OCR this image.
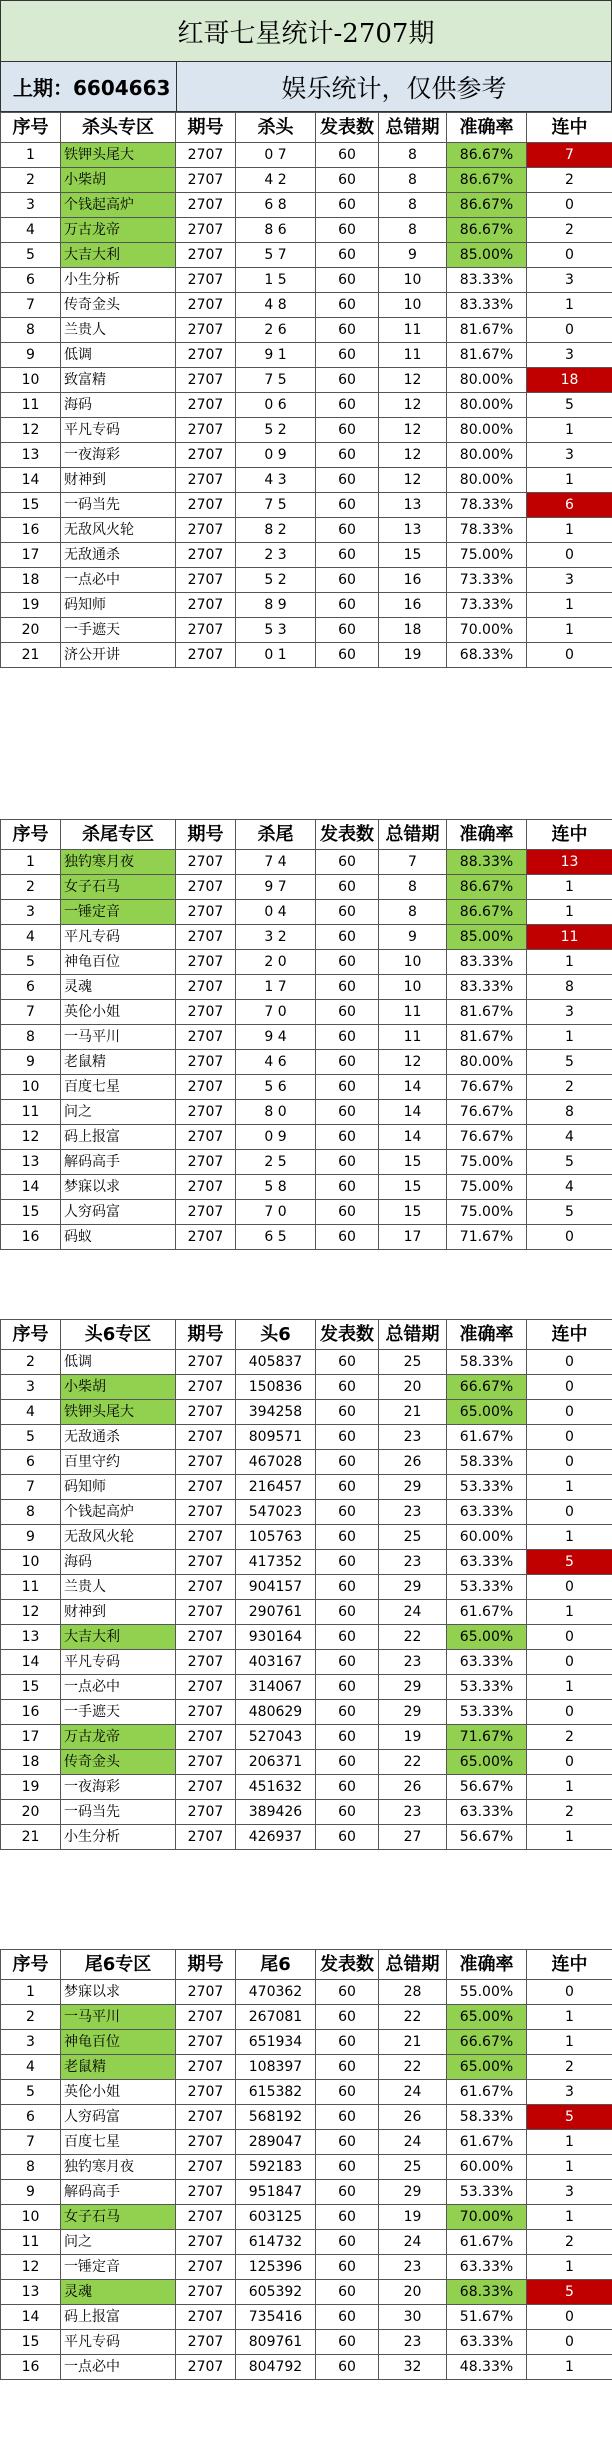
红哥七星统计-2707期
上期：6604663	娱乐统计，仅供参考
序号	杀头专区	期号	杀头	发表数	总错期	准确率	连中
1	铁钾头尾大	2707	0 7	60	8	86.67%	7
2	小柴胡	2707	4 2	60	8	86.67%	2
3	个钱起高炉	2707	6 8	60	8	86.67%	0
4	万古龙帝	2707	8 6	60	8	86.67%	2
5	大吉大利	2707	5 7	60	9	85.00%	0
6	小生分析	2707	1 5	60	10	83.33%	3
7	传奇金头	2707	4 8	60	10	83.33%	1
8	兰贵人	2707	2 6	60	11	81.67%	0
9	低调	2707	9 1	60	11	81.67%	3
10	致富精	2707	7 5	60	12	80.00%	18
11	海码	2707	0 6	60	12	80.00%	5
12	平凡专码	2707	5 2	60	12	80.00%	1
13	一夜海彩	2707	0 9	60	12	80.00%	3
14	财神到	2707	4 3	60	12	80.00%	1
15	一码当先	2707	7 5	60	13	78.33%	6
16	无敌风火轮	2707	8 2	60	13	78.33%	1
17	无敌通杀	2707	2 3	60	15	75.00%	0
18	一点必中	2707	5 2	60	16	73.33%	3
19	码知师	2707	8 9	60	16	73.33%	1
20	一手遮天	2707	5 3	60	18	70.00%	1
21	济公开讲	2707	0 1	60	19	68.33%	0
序号	杀尾专区	期号	杀尾	发表数	总错期	准确率	连中
1	独钓寒月夜	2707	7 4	60	7	88.33%	13
2	女子石马	2707	9 7	60	8	86.67%	1
3	一锤定音	2707	0 4	60	8	86.67%	1
4	平凡专码	2707	3 2	60	9	85.00%	11
5	神龟百位	2707	2 0	60	10	83.33%	1
6	灵魂	2707	1 7	60	10	83.33%	8
7	英伦小姐	2707	7 0	60	11	81.67%	3
8	一马平川	2707	9 4	60	11	81.67%	1
9	老鼠精	2707	4 6	60	12	80.00%	5
10	百度七星	2707	5 6	60	14	76.67%	2
11	问之	2707	8 0	60	14	76.67%	8
12	码上报富	2707	0 9	60	14	76.67%	4
13	解码高手	2707	2 5	60	15	75.00%	5
14	梦寐以求	2707	5 8	60	15	75.00%	4
15	人穷码富	2707	7 0	60	15	75.00%	5
16	码蚁	2707	6 5	60	17	71.67%	0
序号	头6专区	期号	头6	发表数	总错期	准确率	连中
2	低调	2707	405837	60	25	58.33%	0
3	小柴胡	2707	150836	60	20	66.67%	0
4	铁钾头尾大	2707	394258	60	21	65.00%	0
5	无敌通杀	2707	809571	60	23	61.67%	0
6	百里守约	2707	467028	60	26	58.33%	0
7	码知师	2707	216457	60	29	53.33%	1
8	个钱起高炉	2707	547023	60	23	63.33%	0
9	无敌风火轮	2707	105763	60	25	60.00%	1
10	海码	2707	417352	60	23	63.33%	5
11	兰贵人	2707	904157	60	29	53.33%	0
12	财神到	2707	290761	60	24	61.67%	1
13	大吉大利	2707	930164	60	22	65.00%	0
14	平凡专码	2707	403167	60	23	63.33%	0
15	一点必中	2707	314067	60	29	53.33%	1
16	一手遮天	2707	480629	60	29	53.33%	0
17	万古龙帝	2707	527043	60	19	71.67%	2
18	传奇金头	2707	206371	60	22	65.00%	0
19	一夜海彩	2707	451632	60	26	56.67%	1
20	一码当先	2707	389426	60	23	63.33%	2
21	小生分析	2707	426937	60	27	56.67%	1
序号	尾6专区	期号	尾6	发表数	总错期	准确率	连中
1	梦寐以求	2707	470362	60	28	55.00%	0
2	一马平川	2707	267081	60	22	65.00%	1
3	神龟百位	2707	651934	60	21	66.67%	1
4	老鼠精	2707	108397	60	22	65.00%	2
5	英伦小姐	2707	615382	60	24	61.67%	3
6	人穷码富	2707	568192	60	26	58.33%	5
7	百度七星	2707	289047	60	24	61.67%	1
8	独钓寒月夜	2707	592183	60	25	60.00%	1
9	解码高手	2707	951847	60	29	53.33%	3
10	女子石马	2707	603125	60	19	70.00%	1
11	问之	2707	614732	60	24	61.67%	2
12	一锤定音	2707	125396	60	23	63.33%	1
13	灵魂	2707	605392	60	20	68.33%	5
14	码上报富	2707	735416	60	30	51.67%	0
15	平凡专码	2707	809761	60	23	63.33%	0
16	一点必中	2707	804792	60	32	48.33%	1
